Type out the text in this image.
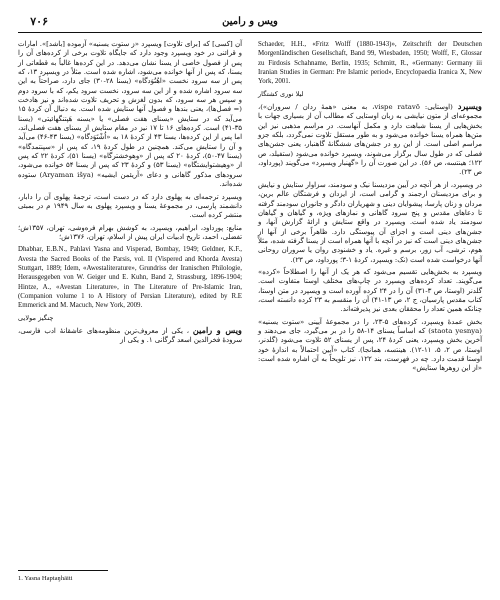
۷۰۶	ویس و رامین

Schaeder, H.H., «Fritz Wolff (1880-1943)», Zeitschrift der Deutschen Morgenländischen Gesellschaft, Band 99, Wiesbaden, 1950; Wolff, F., Glossar zu Firdosis Schahname, Berlin, 1935; Schmitt, R., «Germany: Germany iii Iranian Studies in German: Pre Islamic period», Encyclopaedia Iranica X, New York, 2001.

لیلا نوری کشتگار

ویسپرد (اوستایی: vispe ratavō، به معنی «همهٔ ردان / سروران»)، مجموعه‌ای از متون نیایشی به زبان اوستایی که مطالب آن از بسیاری جهات با بخش‌هایی از یسنا شباهت دارد و مکمل آنهاست. در مراسم مذهبی نیز این متن‌ها همراه یسنا خوانده می‌شود و به طور مستقل تلاوت نمی‌گردد، بلکه جزو مراسم اصلی است. از این رو در جشن‌های ششگانهٔ گاهنبار، یعنی جشن‌های فصلی که در طول سال برگزار می‌شوند، ویسپرد خوانده می‌شود (ستفیلد، ص ۱۲۲؛ هینتسه، ص ۵۶). در این صورت آن را «گهنبار ویسپرد» می‌گویند (پورداود، ص ۲۳).

در ویسپرد، از هر آنچه در آیین مزدیسنا نیک و سودمند، سزاوار ستایش و نیایش و برای مزدیسنان ارجمند و گرامی است، از ایزدان و فرشتگان عالم برین، مردان و زنان پارسا، پیشوایان دینی و شهریاران دادگر و جانوران سودمند گرفته تا دعاهای مقدس و پنج سرود گاهانی و نمازهای ویژه، و گیاهان و گیاهان سودمند یاد شده است. ویسپرد در واقع ستایش و ارائهٔ گزارش آنها، و جشن‌های دینی است و اجزای آن پیوستگی دارد. ظاهراً برخی از آنها از جشن‌های دینی است که نیز در آنچه با آنها همراه است از یسنا گرفته شده، مثلاً هوم، ترشی، آب زور، برسم و غیره. یاد و خشنودی روان یا سروران روحانی آنها درخواست شده است (نک: ویسپرد، کردهٔ ۱-۳؛ پورداود، ص ۲۳).

ویسپرد به بخش‌هایی تقسیم می‌شود که هر یک از آنها را اصطلاحاً «کرده» می‌گویند. تعداد کرده‌های ویسپرد در چاپ‌های مختلف اوستا متفاوت است. گلدنر (اوستا، ص ۳-۳۱) آن را در ۲۴ کرده آورده است و ویسپرد در متن اوستا، کتاب مقدس پارسیان، ج ۲، ص ۱۳-۴۱) آن را منقسم به ۲۳ کرده دانسته است، چنانکه همین تعداد را محققان بعدی نیز پذیرفته‌اند.

بخش عمدهٔ ویسپرد، کرده‌های ۵-۲۳، را در مجموعهٔ آیینی «ستوت یسنیه» (staota yesnya) که اساساً یسنای ۱۴-۵۸ را در بر می‌گیرد، جای می‌دهند و آخرین بخش ویسپرد، یعنی کردهٔ ۲۴، پس از یسنای ۵۲ تلاوت می‌شود (گلدنر، اوستا، ص ۲، ۵، ۱۱-۱۲). هینتسه، همانجا). کتاب «آیین احتمالاً به اندازهٔ خود اوستا قدمت دارد. چه در فهرست، بند ۱۲۲، نیز تلویحاً به آن اشاره شده است: «از این زوهرها ستایش»

آن [کسی] که [برای تلاوت] ویسپرد «ز ستوت یسنیه» آزموده [باشد]». امارات و قرائنی در خود ویسپرد وجود دارد که جایگاه تلاوت برخی از کرده‌های آن را پس از فصول خاصی از یسنا نشان می‌دهد. در این کرده‌ها غالباً به قطعاتی از یسنا، که پس از آنها خوانده می‌شود، اشاره شده است. مثلاً در ویسپرد ۱۳، که پس از سه سرود نخست «اهُنُوَدگاه» (یسنا ۲۸-۳۰) جای دارد، صراحتاً به این سه سرود اشاره شده و از این سه سرود، نخست سرود یکم، که با سرود دوم و سپس هر سه سرود، که بدون لغزش و تحریف تلاوت شده‌اند و نیز هادخت (= فصل‌ها)، یعنی بندها و فصول آنها ستایش شده است. به دنبال آن کردهٔ ۱۵ می‌آید که در ستایش «یسنای هفت فصلی» یا «یسنه هَپتنگهائیتی» (یسنا ۳۵-۴۱) است. کرده‌های ۱۶ تا ۱۷ نیز در مقام ستایش از یسنای هفت فصلی‌اند، اما پس از این کرده‌ها، یسنا ۴۳ از کردهٔ ۱۸ به «اُشْتَوَدگاه» (یسنا ۴۳-۴۶) می‌آید و آن را ستایش می‌کند. همچنین در طول کردهٔ ۱۹، که پس از «سپنتمدگاه» (یسنا ۴۷-۵۰)، کردهٔ ۲۰ که پس از «وهوخشترگاه» (یسنا ۵۱)، کردهٔ ۲۲ که پس از «وهیشتوایشتگاه» (یسنا ۵۳) و کردهٔ ۲۳ که پس از یسنا ۵۴ خوانده می‌شود، سرودهای مذکور گاهانی و دعای «آریئمن ایشیه» (Aryaman išya) ستوده شده‌اند.

ویسپرد ترجمه‌ای به پهلوی دارد که در دست است، ترجمهٔ پهلوی آن را دابار، دانشمند پارسی، در مجموعهٔ یسنا و ویسپرد پهلوی به سال ۱۹۴۹ م در بمبئی منتشر کرده است.

منابع: پورداود، ابراهیم، ویسپرد، به کوشش بهرام فره‌وشی، تهران، ۱۳۵۷ش؛ تفضلی، احمد، تاریخ ادبیات ایران پیش از اسلام، تهران، ۱۳۷۶ش؛

Dhabhar, E.B.N., Pahlavi Yasna and Visperad, Bombay, 1949; Geldner, K.F., Avesta the Sacred Books of the Parsis, vol. II (Vispered and Khorda Avesta) Stuttgart, 1889; Idem, «Awestaliterature», Grundriss der Iranischen Philologie, Herausgegeben von W. Geiger und E. Kuhn, Band 2, Strassburg, 1896-1904; Hintze, A., «Avestan Literature», in The Literature of Pre-Islamic Iran, (Companion volume 1 to A History of Persian Literature), edited by R.E Emmerick and M. Macuch, New York, 2009.

چنگیز مولایی

ویس و رامین ، یکی از معروف‌ترین منظومه‌های عاشقانهٔ ادب فارسی، سرودهٔ فخرالدین اسعد گرگانی ۱. و یکی از

1. Yasna Haptaŋhāiti
